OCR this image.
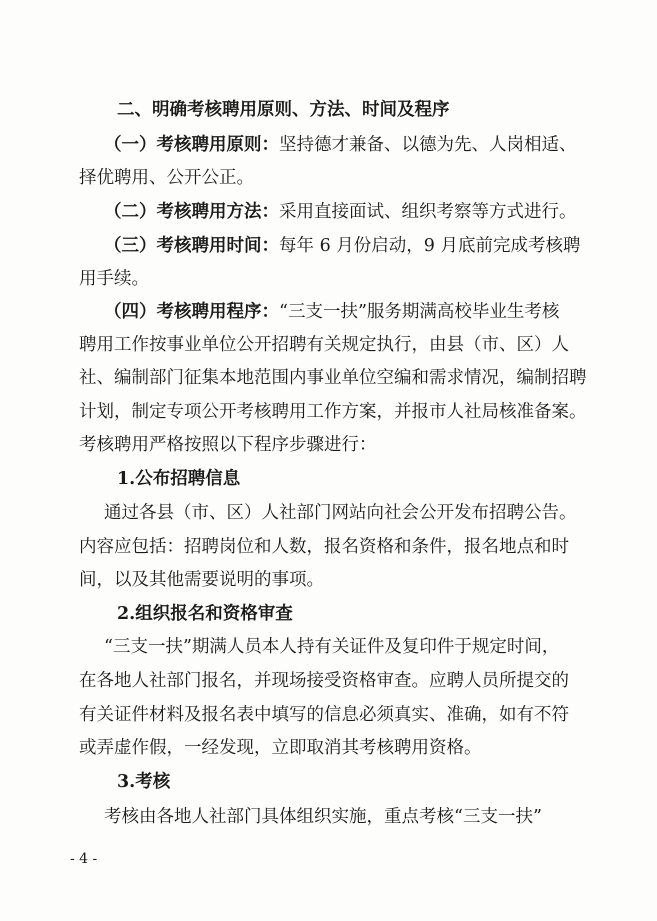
二、明确考核聘用原则、方法、时间及程序
（一）考核聘用原则：坚持德才兼备、以德为先、人岗相适、
择优聘用、公开公正。
（二）考核聘用方法：采用直接面试、组织考察等方式进行。
（三）考核聘用时间：每年 6 月份启动，9 月底前完成考核聘
用手续。
（四）考核聘用程序：“三支一扶”服务期满高校毕业生考核
聘用工作按事业单位公开招聘有关规定执行，由县（市、区）人
社、编制部门征集本地范围内事业单位空编和需求情况，编制招聘
计划，制定专项公开考核聘用工作方案，并报市人社局核准备案。
考核聘用严格按照以下程序步骤进行：
1.公布招聘信息
通过各县（市、区）人社部门网站向社会公开发布招聘公告。
内容应包括：招聘岗位和人数，报名资格和条件，报名地点和时
间，以及其他需要说明的事项。
2.组织报名和资格审查
“三支一扶”期满人员本人持有关证件及复印件于规定时间，
在各地人社部门报名，并现场接受资格审查。应聘人员所提交的
有关证件材料及报名表中填写的信息必须真实、准确，如有不符
或弄虚作假，一经发现，立即取消其考核聘用资格。
3.考核
考核由各地人社部门具体组织实施，重点考核“三支一扶”
- 4 -
